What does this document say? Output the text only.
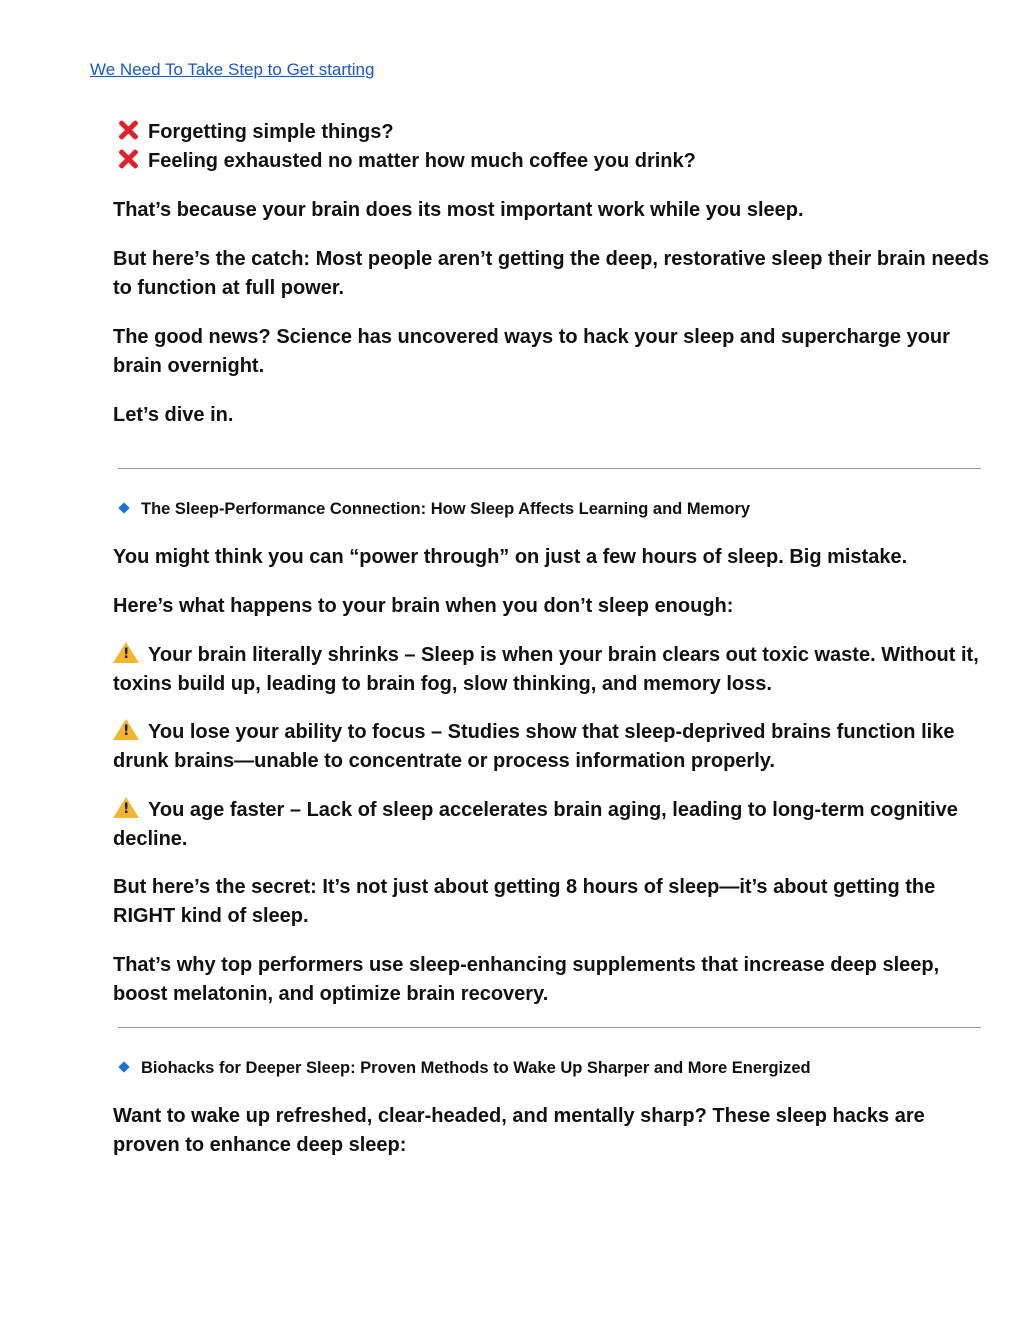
We Need To Take Step to Get starting
Forgetting simple things?
Feeling exhausted no matter how much coffee you drink?

That’s because your brain does its most important work while you sleep.

But here’s the catch: Most people aren’t getting the deep, restorative sleep their brain needs to function at full power.

The good news? Science has uncovered ways to hack your sleep and supercharge your brain overnight.

Let’s dive in.

The Sleep-Performance Connection: How Sleep Affects Learning and Memory

You might think you can “power through” on just a few hours of sleep. Big mistake.

Here’s what happens to your brain when you don’t sleep enough:

!Your brain literally shrinks – Sleep is when your brain clears out toxic waste. Without it, toxins build up, leading to brain fog, slow thinking, and memory loss.

!You lose your ability to focus – Studies show that sleep-deprived brains function like drunk brains—unable to concentrate or process information properly.

!You age faster – Lack of sleep accelerates brain aging, leading to long-term cognitive decline.

But here’s the secret: It’s not just about getting 8 hours of sleep—it’s about getting the RIGHT kind of sleep.

That’s why top performers use sleep-enhancing supplements that increase deep sleep, boost melatonin, and optimize brain recovery.

Biohacks for Deeper Sleep: Proven Methods to Wake Up Sharper and More Energized

Want to wake up refreshed, clear-headed, and mentally sharp? These sleep hacks are proven to enhance deep sleep:
